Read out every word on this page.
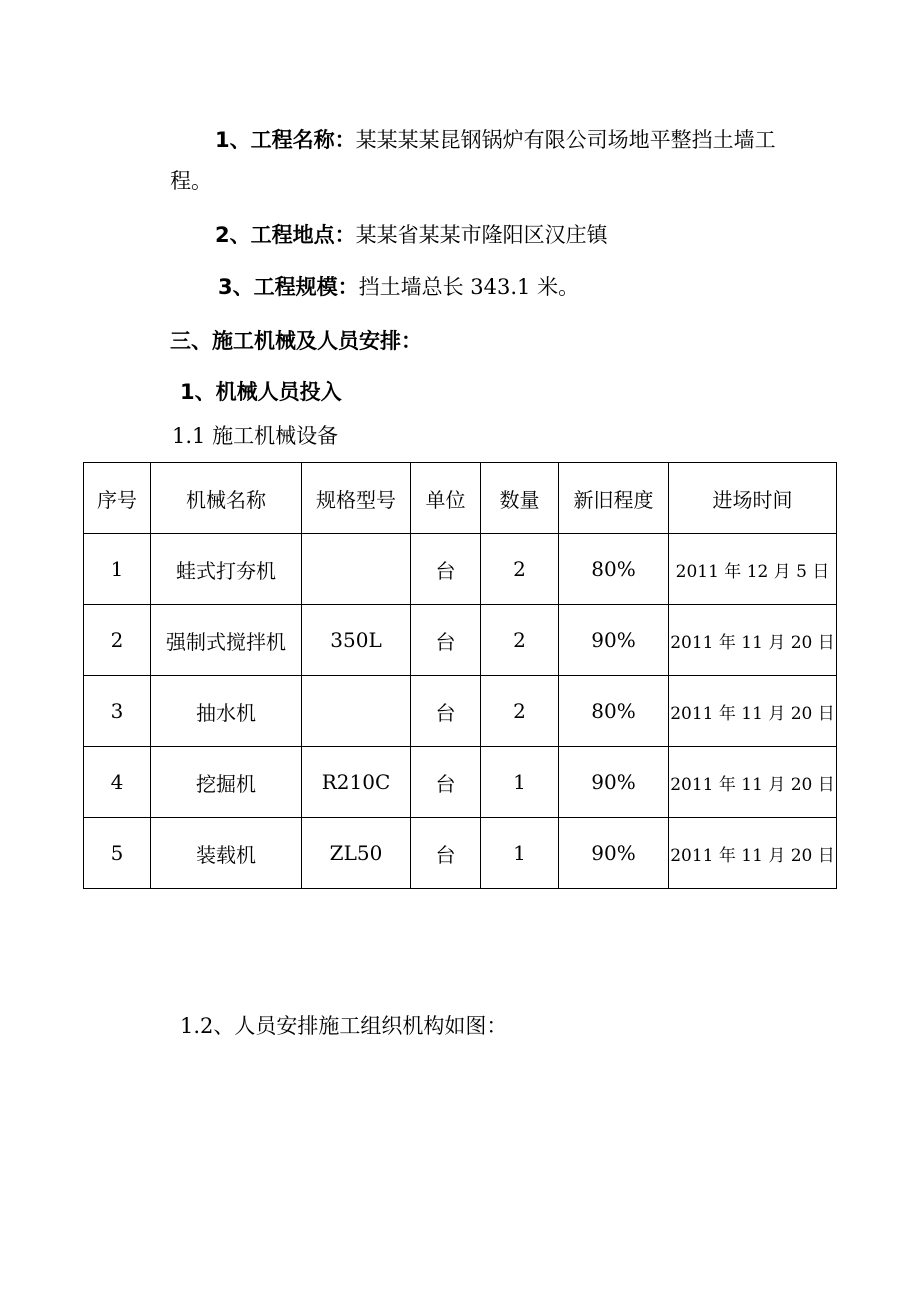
1、工程名称：某某某某昆钢锅炉有限公司场地平整挡土墙工
程。
2、工程地点：某某省某某市隆阳区汉庄镇
3、工程规模：挡土墙总长 343.1 米。
三、施工机械及人员安排：
1、机械人员投入
1.1 施工机械设备
序号	机械名称	规格型号	单位	数量	新旧程度	进场时间
1	蛙式打夯机		台	2	80%	2011 年 12 月 5 日
2	强制式搅拌机	350L	台	2	90%	2011 年 11 月 20 日
3	抽水机		台	2	80%	2011 年 11 月 20 日
4	挖掘机	R210C	台	1	90%	2011 年 11 月 20 日
5	装载机	ZL50	台	1	90%	2011 年 11 月 20 日
1.2、人员安排施工组织机构如图：
